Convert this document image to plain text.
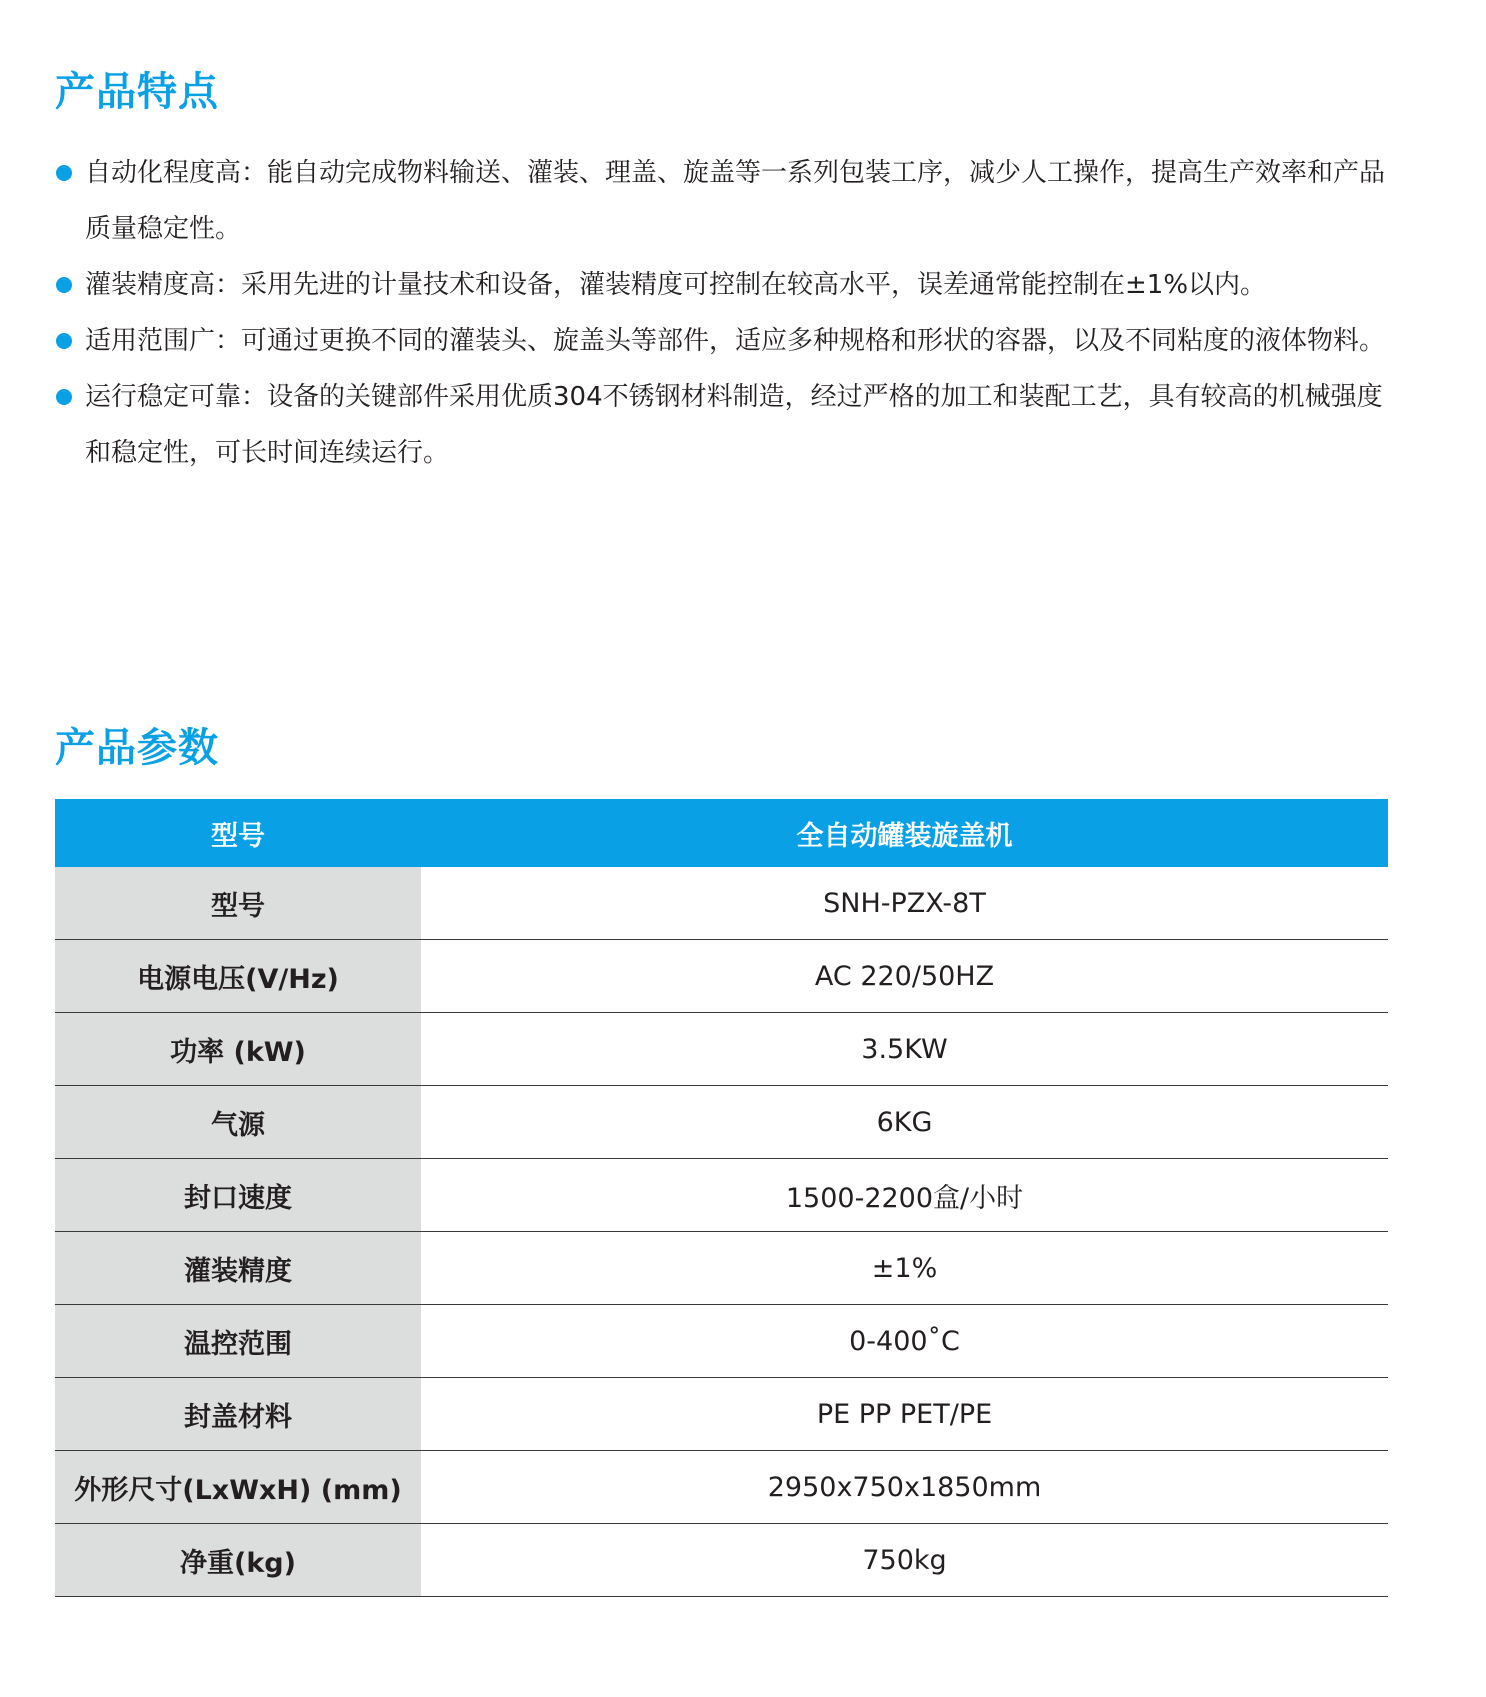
产品特点
自动化程度高：能自动完成物料输送、灌装、理盖、旋盖等一系列包装工序，减少人工操作，提高生产效率和产品质量稳定性。
灌装精度高：采用先进的计量技术和设备，灌装精度可控制在较高水平，误差通常能控制在±1%以内。
适用范围广：可通过更换不同的灌装头、旋盖头等部件，适应多种规格和形状的容器，以及不同粘度的液体物料。
运行稳定可靠：设备的关键部件采用优质304不锈钢材料制造，经过严格的加工和装配工艺，具有较高的机械强度和稳定性，可长时间连续运行。
产品参数
型号	全自动罐装旋盖机
型号	SNH-PZX-8T
电源电压(V/Hz)	AC 220/50HZ
功率 (kW)	3.5KW
气源	6KG
封口速度	1500-2200盒/小时
灌装精度	±1%
温控范围	0-400˚C
封盖材料	PE PP PET/PE
外形尺寸(LxWxH) (mm)	2950x750x1850mm
净重(kg)	750kg
